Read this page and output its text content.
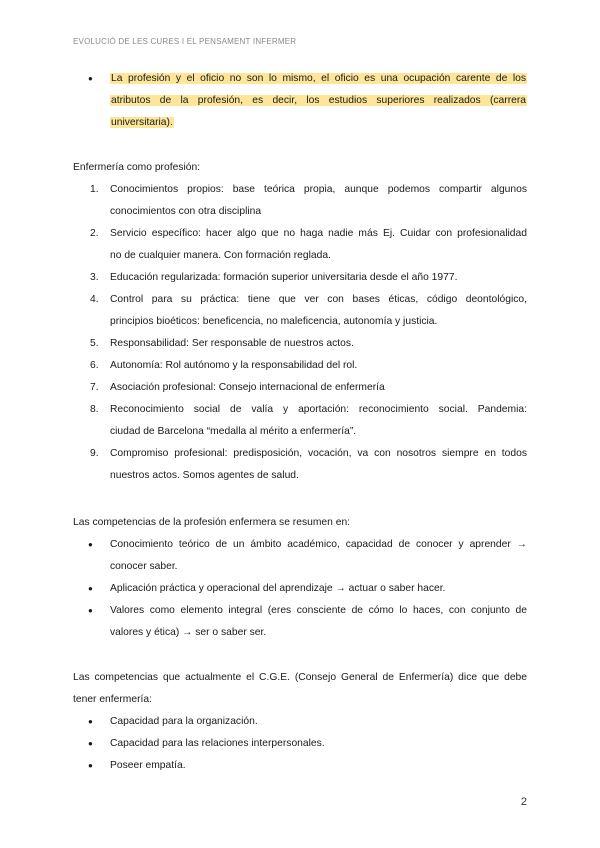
EVOLUCIÓ DE LES CURES I EL PENSAMENT INFERMER
● La profesión y el oficio no son lo mismo, el oficio es una ocupación carente de los
atributos de la profesión, es decir, los estudios superiores realizados (carrera
universitaria).
Enfermería como profesión:
1.	Conocimientos propios: base teórica propia, aunque podemos compartir algunos
conocimientos con otra disciplina
2.	Servicio específico: hacer algo que no haga nadie más Ej. Cuidar con profesionalidad
no de cualquier manera. Con formación reglada.
3.	Educación regularizada: formación superior universitaria desde el año 1977.
4.	Control para su práctica: tiene que ver con bases éticas, código deontológico,
principios bioéticos: beneficencia, no maleficencia, autonomía y justicia.
5.	Responsabilidad: Ser responsable de nuestros actos.
6.	Autonomía: Rol autónomo y la responsabilidad del rol.
7.	Asociación profesional: Consejo internacional de enfermería
8.	Reconocimiento social de valía y aportación: reconocimiento social. Pandemia:
ciudad de Barcelona “medalla al mérito a enfermería”.
9.	Compromiso profesional: predisposición, vocación, va con nosotros siempre en todos
nuestros actos. Somos agentes de salud.
Las competencias de la profesión enfermera se resumen en:
● Conocimiento teórico de un ámbito académico, capacidad de conocer y aprender →
conocer saber.
● Aplicación práctica y operacional del aprendizaje → actuar o saber hacer.
● Valores como elemento integral (eres consciente de cómo lo haces, con conjunto de
valores y ética) → ser o saber ser.
Las competencias que actualmente el C.G.E. (Consejo General de Enfermería) dice que debe
tener enfermería:
● Capacidad para la organización.
● Capacidad para las relaciones interpersonales.
● Poseer empatía.
2
